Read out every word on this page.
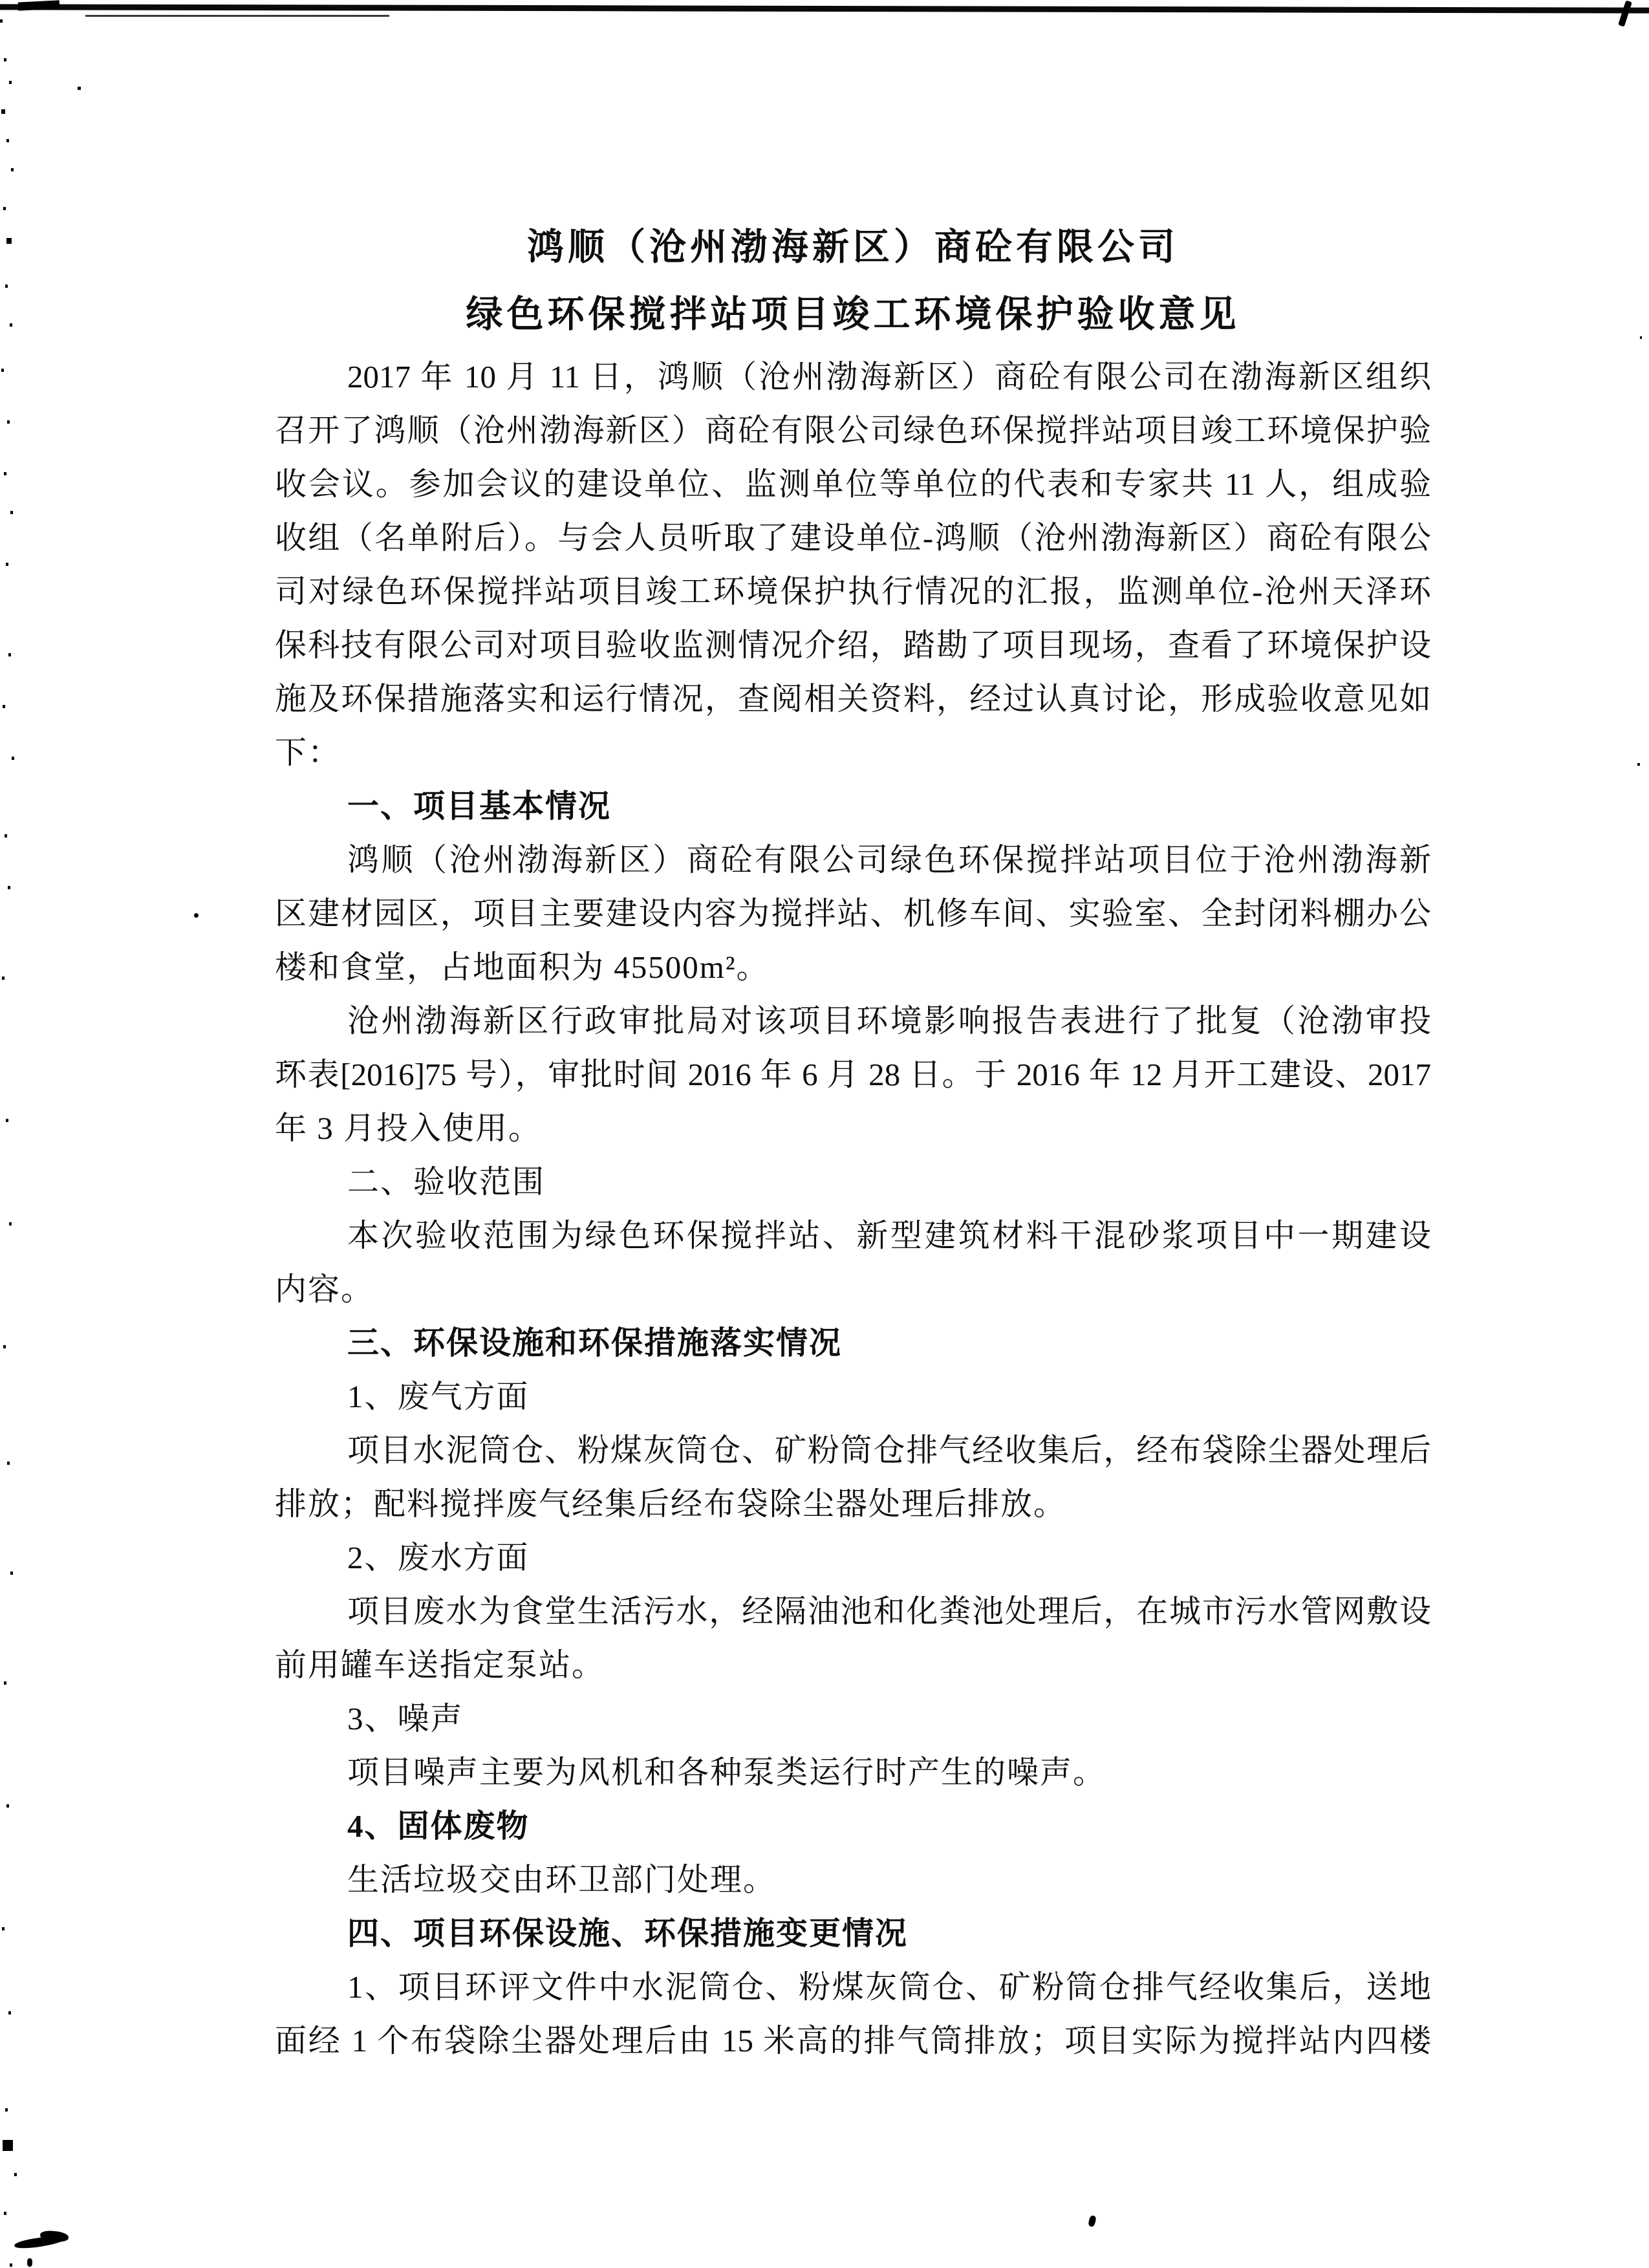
鸿顺（沧州渤海新区）商砼有限公司
绿色环保搅拌站项目竣工环境保护验收意见
2017 年 10 月 11 日，鸿顺（沧州渤海新区）商砼有限公司在渤海新区组织
召开了鸿顺（沧州渤海新区）商砼有限公司绿色环保搅拌站项目竣工环境保护验
收会议。参加会议的建设单位、监测单位等单位的代表和专家共 11 人，组成验
收组（名单附后）。与会人员听取了建设单位-鸿顺（沧州渤海新区）商砼有限公
司对绿色环保搅拌站项目竣工环境保护执行情况的汇报，监测单位-沧州天泽环
保科技有限公司对项目验收监测情况介绍，踏勘了项目现场，查看了环境保护设
施及环保措施落实和运行情况，查阅相关资料，经过认真讨论，形成验收意见如
下：
一、项目基本情况
鸿顺（沧州渤海新区）商砼有限公司绿色环保搅拌站项目位于沧州渤海新
区建材园区，项目主要建设内容为搅拌站、机修车间、实验室、全封闭料棚办公
楼和食堂，占地面积为 45500m²。
沧州渤海新区行政审批局对该项目环境影响报告表进行了批复（沧渤审投
环表[2016]75 号），审批时间 2016 年 6 月 28 日。于 2016 年 12 月开工建设、2017
年 3 月投入使用。
二、验收范围
本次验收范围为绿色环保搅拌站、新型建筑材料干混砂浆项目中一期建设
内容。
三、环保设施和环保措施落实情况
1、废气方面
项目水泥筒仓、粉煤灰筒仓、矿粉筒仓排气经收集后，经布袋除尘器处理后
排放；配料搅拌废气经集后经布袋除尘器处理后排放。
2、废水方面
项目废水为食堂生活污水，经隔油池和化粪池处理后，在城市污水管网敷设
前用罐车送指定泵站。
3、噪声
项目噪声主要为风机和各种泵类运行时产生的噪声。
4、固体废物
生活垃圾交由环卫部门处理。
四、项目环保设施、环保措施变更情况
1、项目环评文件中水泥筒仓、粉煤灰筒仓、矿粉筒仓排气经收集后，送地
面经 1 个布袋除尘器处理后由 15 米高的排气筒排放；项目实际为搅拌站内四楼
